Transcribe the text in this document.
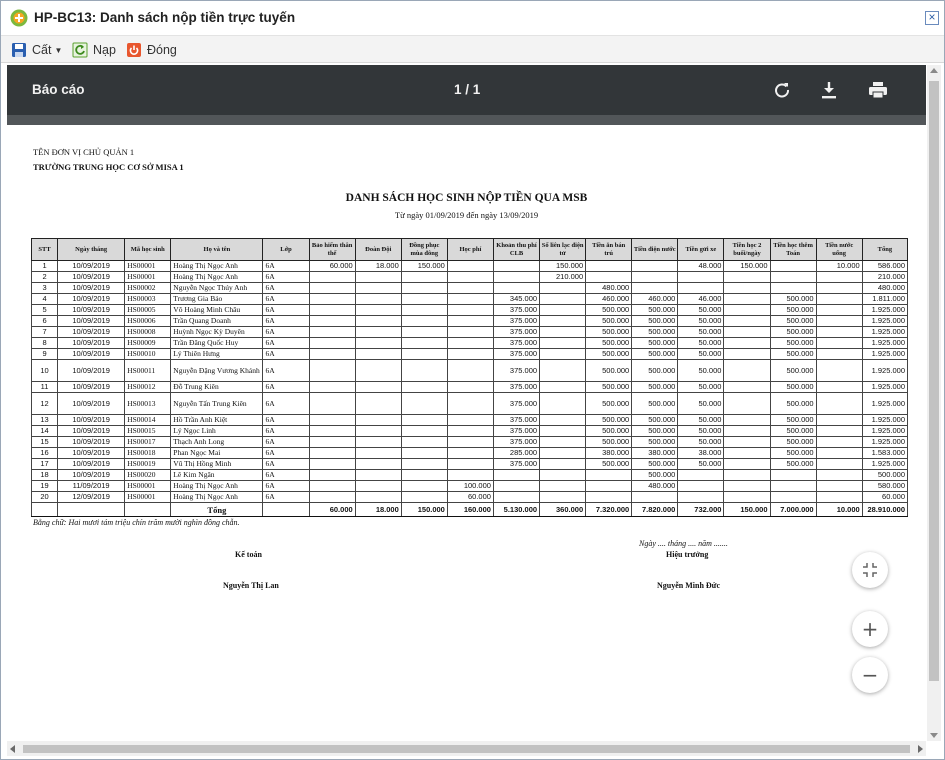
HP-BC13: Danh sách nộp tiền trực tuyến	×
Cất ▼ Nạp Đóng
Báo cáo	1 / 1
TÊN ĐƠN VỊ CHỦ QUẢN 1
TRƯỜNG TRUNG HỌC CƠ SỞ MISA 1
DANH SÁCH HỌC SINH NỘP TIỀN QUA MSB
Từ ngày 01/09/2019 đến ngày 13/09/2019
STT	Ngày tháng	Mã học sinh	Họ và tên	Lớp	Bảo hiểm thân thể	Đoàn Đội	Đồng phục mùa đông	Học phí	Khoản thu phí CLB	Sổ liên lạc điện tử	Tiền ăn bán trú	Tiền điện nước	Tiền gửi xe	Tiền học 2 buổi/ngày	Tiền học thêm Toán	Tiền nước uống	Tổng
1	10/09/2019	HS00001	Hoàng Thị Ngọc Anh	6A	60.000	18.000	150.000			150.000			48.000	150.000		10.000	586.000
2	10/09/2019	HS00001	Hoàng Thị Ngọc Anh	6A						210.000							210.000
3	10/09/2019	HS00002	Nguyễn Ngọc Thúy Anh	6A							480.000						480.000
4	10/09/2019	HS00003	Trương Gia Bảo	6A					345.000		460.000	460.000	46.000		500.000		1.811.000
5	10/09/2019	HS00005	Võ Hoàng Minh Châu	6A					375.000		500.000	500.000	50.000		500.000		1.925.000
6	10/09/2019	HS00006	Trần Quang Doanh	6A					375.000		500.000	500.000	50.000		500.000		1.925.000
7	10/09/2019	HS00008	Huỳnh Ngọc Kỳ Duyên	6A					375.000		500.000	500.000	50.000		500.000		1.925.000
8	10/09/2019	HS00009	Trần Đăng Quốc Huy	6A					375.000		500.000	500.000	50.000		500.000		1.925.000
9	10/09/2019	HS00010	Lý Thiên Hưng	6A					375.000		500.000	500.000	50.000		500.000		1.925.000
10	10/09/2019	HS00011	Nguyễn Đặng Vương Khánh	6A					375.000		500.000	500.000	50.000		500.000		1.925.000
11	10/09/2019	HS00012	Đỗ Trung Kiên	6A					375.000		500.000	500.000	50.000		500.000		1.925.000
12	10/09/2019	HS00013	Nguyễn Tấn Trung Kiên	6A					375.000		500.000	500.000	50.000		500.000		1.925.000
13	10/09/2019	HS00014	Hồ Trần Anh Kiệt	6A					375.000		500.000	500.000	50.000		500.000		1.925.000
14	10/09/2019	HS00015	Lý Ngọc Linh	6A					375.000		500.000	500.000	50.000		500.000		1.925.000
15	10/09/2019	HS00017	Thạch Anh Long	6A					375.000		500.000	500.000	50.000		500.000		1.925.000
16	10/09/2019	HS00018	Phan Ngọc Mai	6A					285.000		380.000	380.000	38.000		500.000		1.583.000
17	10/09/2019	HS00019	Vũ Thị Hồng Minh	6A					375.000		500.000	500.000	50.000		500.000		1.925.000
18	10/09/2019	HS00020	Lê Kim Ngân	6A								500.000					500.000
19	11/09/2019	HS00001	Hoàng Thị Ngọc Anh	6A				100.000				480.000					580.000
20	12/09/2019	HS00001	Hoàng Thị Ngọc Anh	6A				60.000									60.000
			Tổng		60.000	18.000	150.000	160.000	5.130.000	360.000	7.320.000	7.820.000	732.000	150.000	7.000.000	10.000	28.910.000
Bằng chữ: Hai mươi tám triệu chín trăm mười nghìn đồng chẵn.
Ngày .... tháng .... năm .......
Kế toán	Hiệu trưởng
Nguyễn Thị Lan	Nguyễn Minh Đức
+
−
